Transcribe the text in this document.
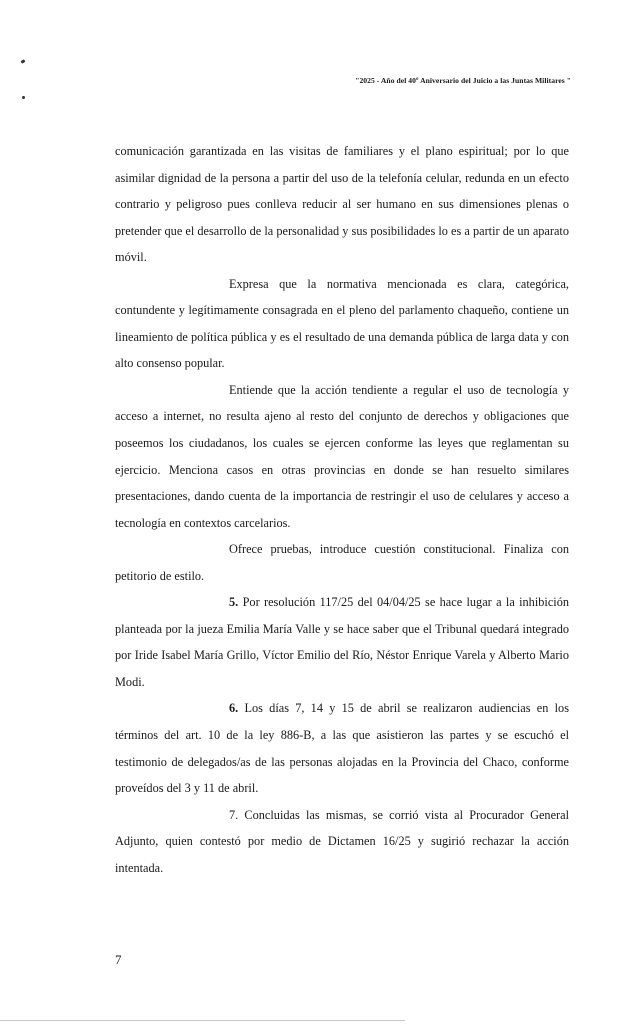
"2025 - Año del 40º Aniversario del Juicio a las Juntas Militares "

comunicación garantizada en las visitas de familiares y el plano espiritual; por lo que asimilar dignidad de la persona a partir del uso de la telefonía celular, redunda en un efecto contrario y peligroso pues conlleva reducir al ser humano en sus dimensiones plenas o pretender que el desarrollo de la personalidad y sus posibilidades lo es a partir de un aparato móvil.

Expresa que la normativa mencionada es clara, categórica, contundente y legítimamente consagrada en el pleno del parlamento chaqueño, contiene un lineamiento de política pública y es el resultado de una demanda pública de larga data y con alto consenso popular.

Entiende que la acción tendiente a regular el uso de tecnología y acceso a internet, no resulta ajeno al resto del conjunto de derechos y obligaciones que poseemos los ciudadanos, los cuales se ejercen conforme las leyes que reglamentan su ejercicio. Menciona casos en otras provincias en donde se han resuelto similares presentaciones, dando cuenta de la importancia de restringir el uso de celulares y acceso a tecnología en contextos carcelarios.

Ofrece pruebas, introduce cuestión constitucional. Finaliza con petitorio de estilo.

5. Por resolución 117/25 del 04/04/25 se hace lugar a la inhibición planteada por la jueza Emilia María Valle y se hace saber que el Tribunal quedará integrado por Iride Isabel María Grillo, Víctor Emilio del Río, Néstor Enrique Varela y Alberto Mario Modi.

6. Los días 7, 14 y 15 de abril se realizaron audiencias en los términos del art. 10 de la ley 886-B, a las que asistieron las partes y se escuchó el testimonio de delegados/as de las personas alojadas en la Provincia del Chaco, conforme proveídos del 3 y 11 de abril.

7. Concluidas las mismas, se corrió vista al Procurador General Adjunto, quien contestó por medio de Dictamen 16/25 y sugirió rechazar la acción intentada.

7
